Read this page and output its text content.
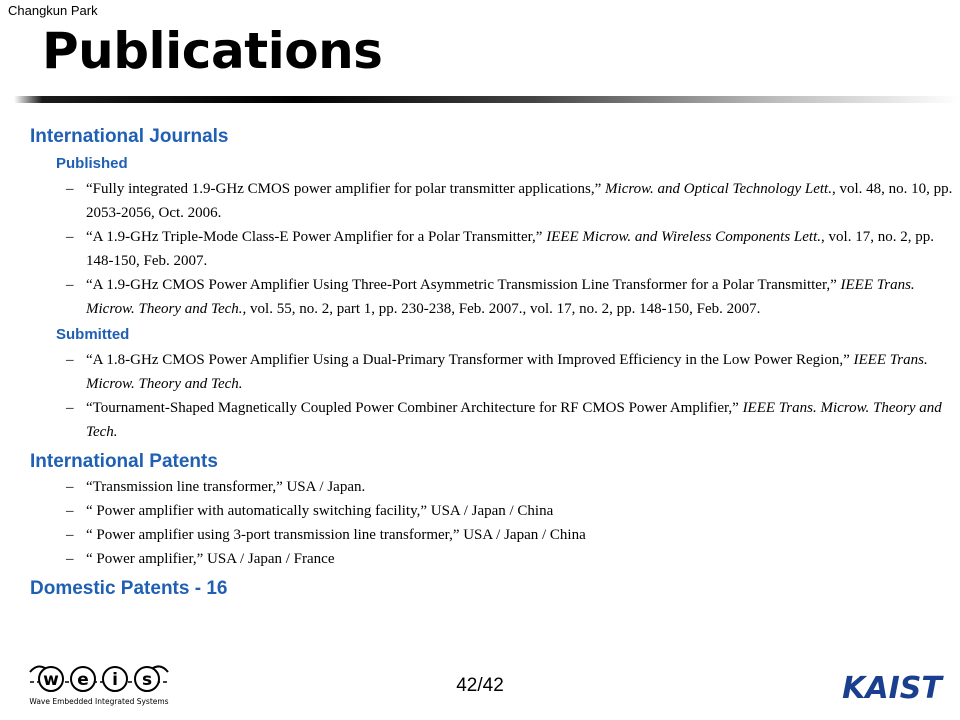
Changkun Park
Publications
International Journals
Published
– “Fully integrated 1.9-GHz CMOS power amplifier for polar transmitter applications,” Microw. and Optical Technology Lett., vol. 48, no. 10, pp. 2053-2056, Oct. 2006.
– “A 1.9-GHz Triple-Mode Class-E Power Amplifier for a Polar Transmitter,” IEEE Microw. and Wireless Components Lett., vol. 17, no. 2, pp. 148-150, Feb. 2007.
– “A 1.9-GHz CMOS Power Amplifier Using Three-Port Asymmetric Transmission Line Transformer for a Polar Transmitter,” IEEE Trans. Microw. Theory and Tech., vol. 55, no. 2, part 1, pp. 230-238, Feb. 2007., vol. 17, no. 2, pp. 148-150, Feb. 2007.
Submitted
– “A 1.8-GHz CMOS Power Amplifier Using a Dual-Primary Transformer with Improved Efficiency in the Low Power Region,” IEEE Trans. Microw. Theory and Tech.
– “Tournament-Shaped Magnetically Coupled Power Combiner Architecture for RF CMOS Power Amplifier,” IEEE Trans. Microw. Theory and Tech.
International Patents
– “Transmission line transformer,” USA / Japan.
– “ Power amplifier with automatically switching facility,” USA / Japan / China
– “ Power amplifier using 3-port transmission line transformer,” USA / Japan / China
– “ Power amplifier,” USA / Japan / France
Domestic Patents - 16
w e i s
Wave Embedded Integrated Systems
42/42	KAIST
